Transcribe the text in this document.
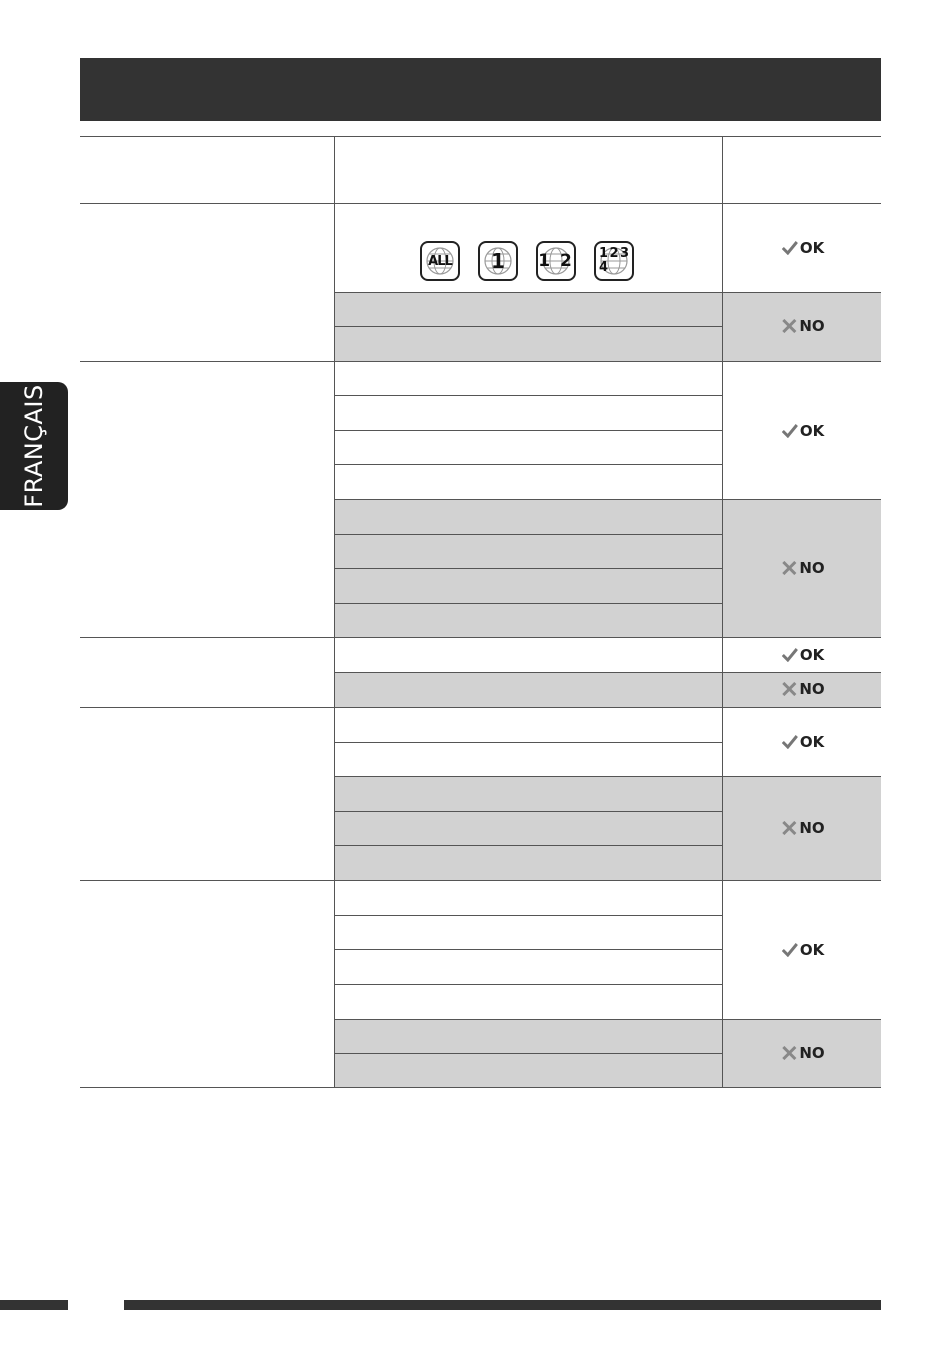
FRANÇAIS
ALL	1	1 2 1 2 3
4
OK
NO
OK
NO
OK
NO
OK
NO
OK
NO
